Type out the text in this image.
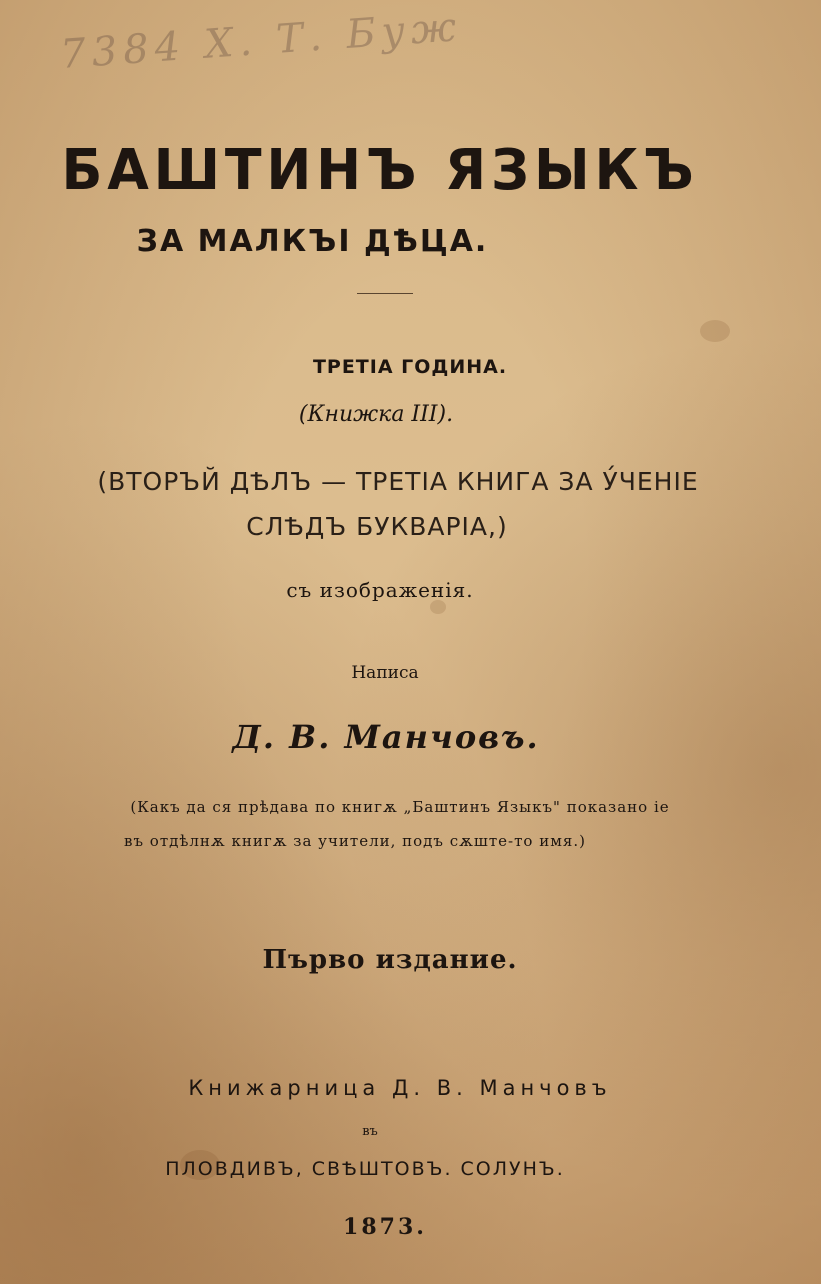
7384 Х. Т. Буж
БАШТИНЪ ЯЗЫКЪ
ЗА МАЛКЪІ ДѢЦА.
ТРЕТІА ГОДИНА.
(Книжка III).
(ВТОРЪЙ ДѢЛЪ — ТРЕТІА КНИГА ЗА У́ЧЕНІЕ
СЛѢДЪ БУКВАРІА,)
съ изображенія.
Написа
Д. В. Манчовъ.
(Какъ да ся прѣдава по книгѫ „Баштинъ Языкъ" показано іе
въ отдѣлнѫ книгѫ за учители, подъ сѫште-то имя.)
Първо издание.
Книжарница Д. В. Манчовъ
въ
ПЛОВДИВЪ, СВѢШТОВЪ. СОЛУНЪ.
1873.
